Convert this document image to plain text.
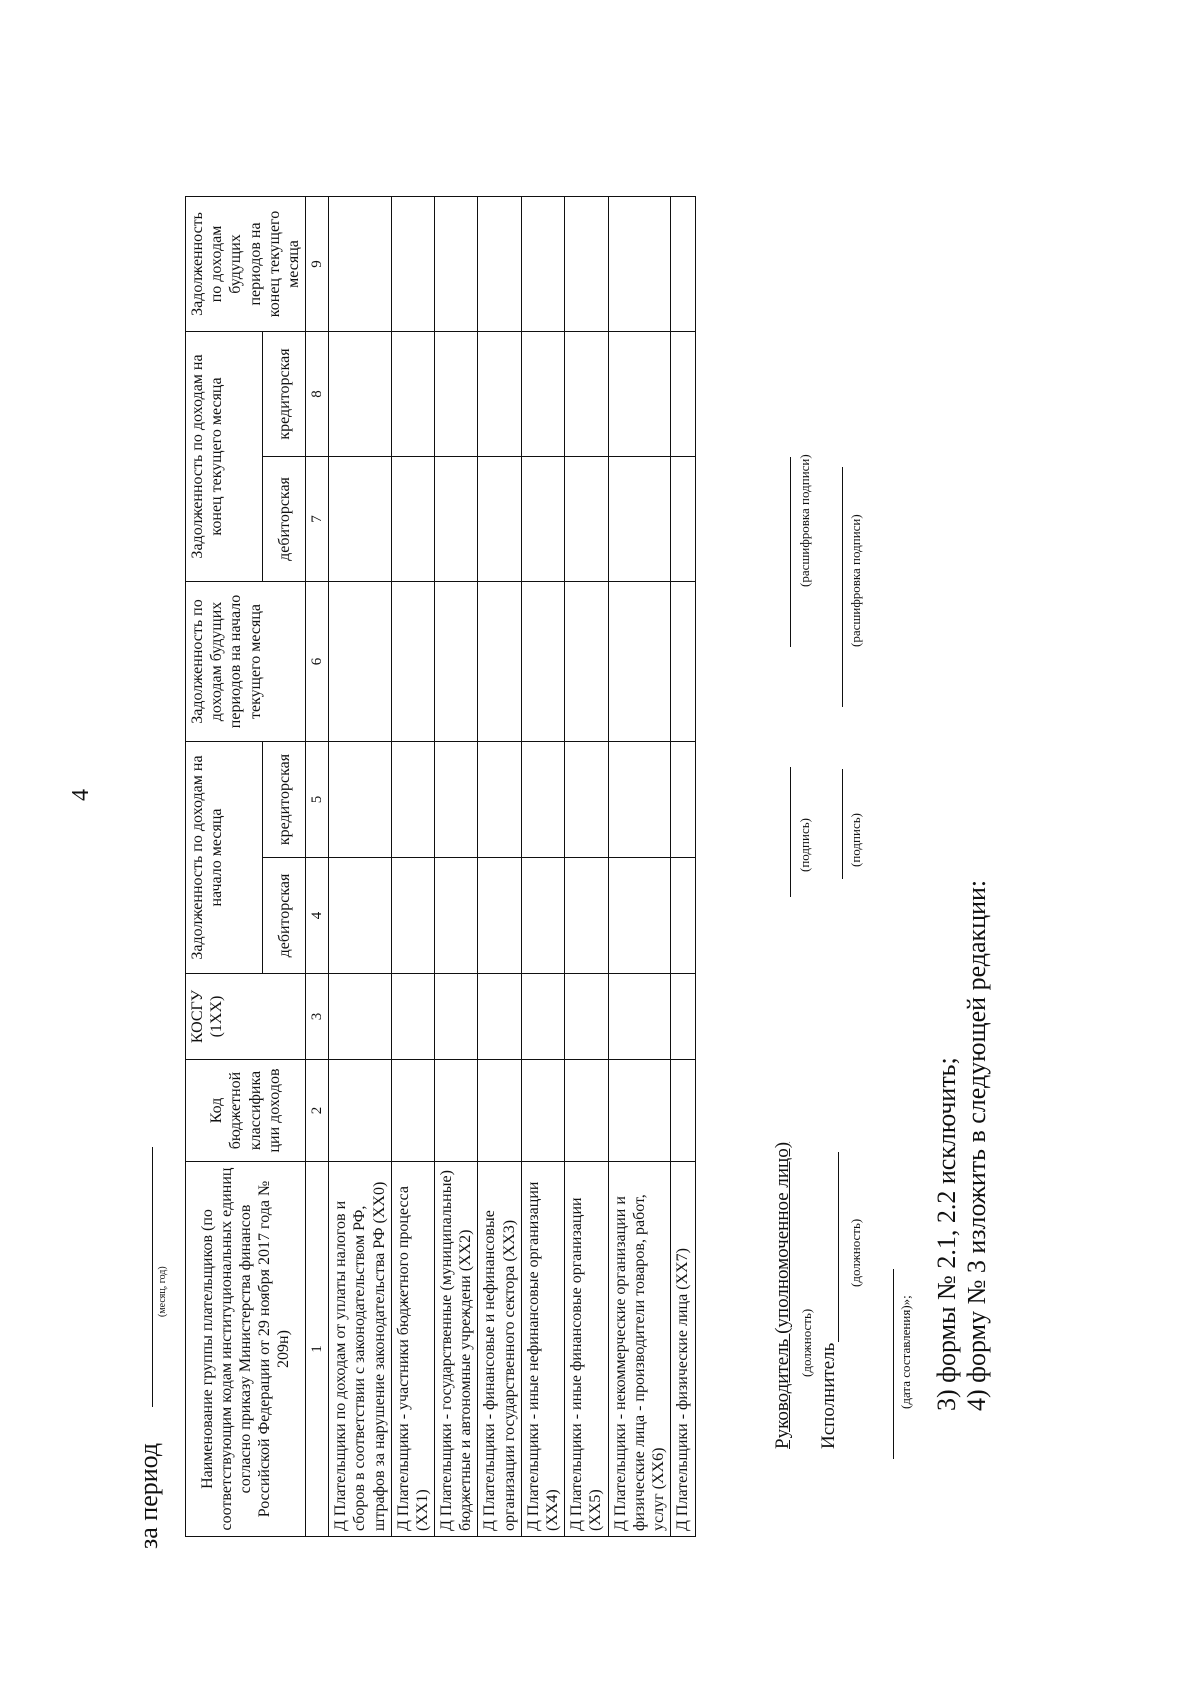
4
за период
(месяц, год) Наименование группы плательщиков (по соответствующим кодам институциональных единиц согласно приказу Министерства финансов Российской Федерации от 29 ноября 2017 года № 209н)	Код бюджетной классифика ции доходов	КОСГУ (1ХХ)	Задолженность по доходам на начало месяца		Задолженность по доходам будущих периодов на начало текущего месяца	Задолженность по доходам на конец текущего месяца		Задолженность по доходам будущих периодов на конец текущего месяца
			дебиторская	кредиторская		дебиторская	кредиторская	
1	2	3	4	5	6	7	8	9
Д Плательщики по доходам от уплаты налогов и сборов в соответствии с законодательством РФ, штрафов за нарушение законодательства РФ (ХХ0)								
Д Плательщики - участники бюджетного процесса (ХХ1)								
Д Плательщики - государственные (муниципальные) бюджетные и автономные учреждени (ХХ2)								
Д Плательщики - финансовые и нефинансовые организации государственного сектора (ХХ3)								
Д Плательщики - иные нефинансовые организации (ХХ4)								
Д Плательщики - иные финансовые организации (ХХ5)								
Д Плательщики - некоммерческие организации и физические лица - производители товаров, работ, услуг (ХХ6)								
Д Плательщики - физические лица (ХХ7)									Руководитель (уполномоченное лицо) (должность)
(подпись)
(расшифровка подписи)
Исполнитель
(должность)
(подпись)
(расшифровка подписи)
(дата составления)»; 3) формы № 2.1, 2.2 исключить; 4) форму № 3 изложить в следующей редакции:
